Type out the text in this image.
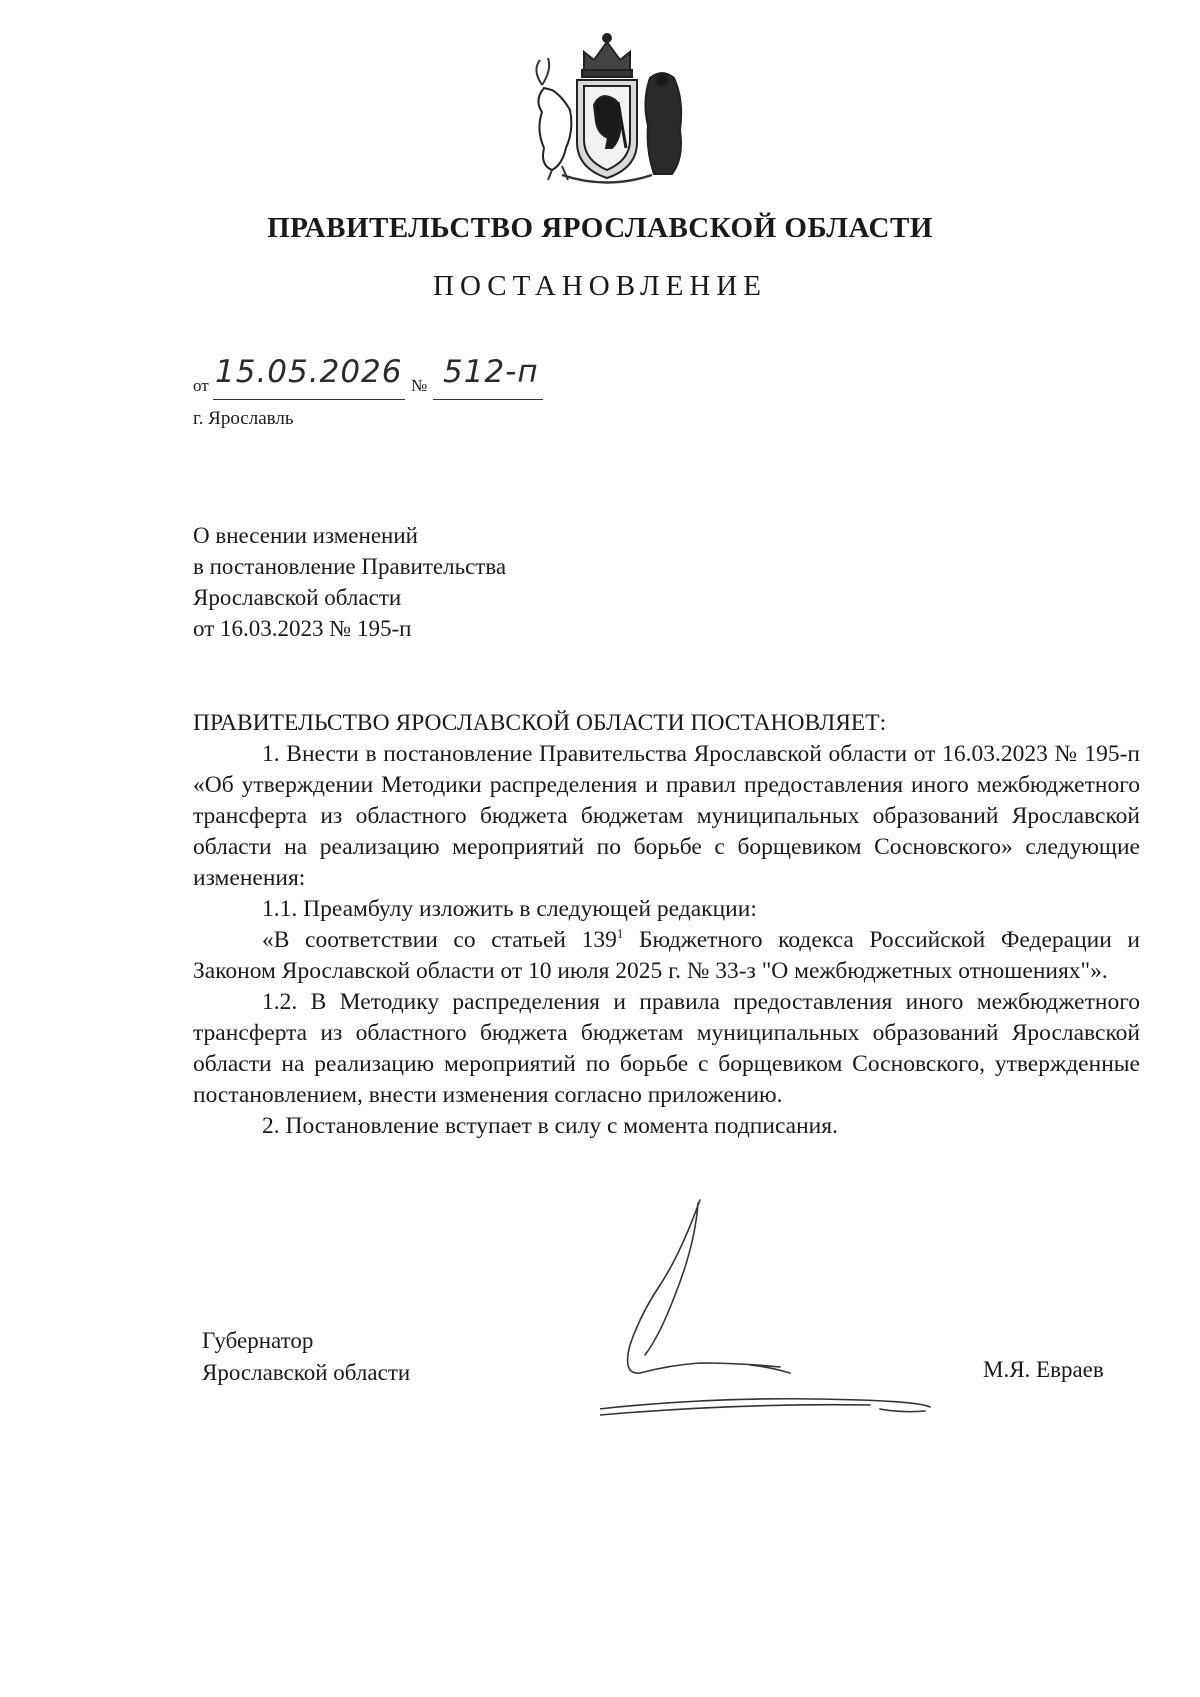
ПРАВИТЕЛЬСТВО ЯРОСЛАВСКОЙ ОБЛАСТИ
ПОСТАНОВЛЕНИЕ
от 15.05.2026 № 512-п
г. Ярославль
О внесении изменений
в постановление Правительства
Ярославской области
от 16.03.2023 № 195-п

ПРАВИТЕЛЬСТВО ЯРОСЛАВСКОЙ ОБЛАСТИ ПОСТАНОВЛЯЕТ:

1. Внести в постановление Правительства Ярославской области от 16.03.2023 № 195-п «Об утверждении Методики распределения и правил предоставления иного межбюджетного трансферта из областного бюджета бюджетам муниципальных образований Ярославской области на реализацию мероприятий по борьбе с борщевиком Сосновского» следующие изменения:

1.1. Преамбулу изложить в следующей редакции:

«В соответствии со статьей $139^1$ Бюджетного кодекса Российской Федерации и Законом Ярославской области от 10 июля 2025 г. № 33-з "О межбюджетных отношениях"».

1.2. В Методику распределения и правила предоставления иного межбюджетного трансферта из областного бюджета бюджетам муниципальных образований Ярославской области на реализацию мероприятий по борьбе с борщевиком Сосновского, утвержденные постановлением, внести изменения согласно приложению.

2. Постановление вступает в силу с момента подписания.

Губернатор
Ярославской области	М.Я. Евраев
